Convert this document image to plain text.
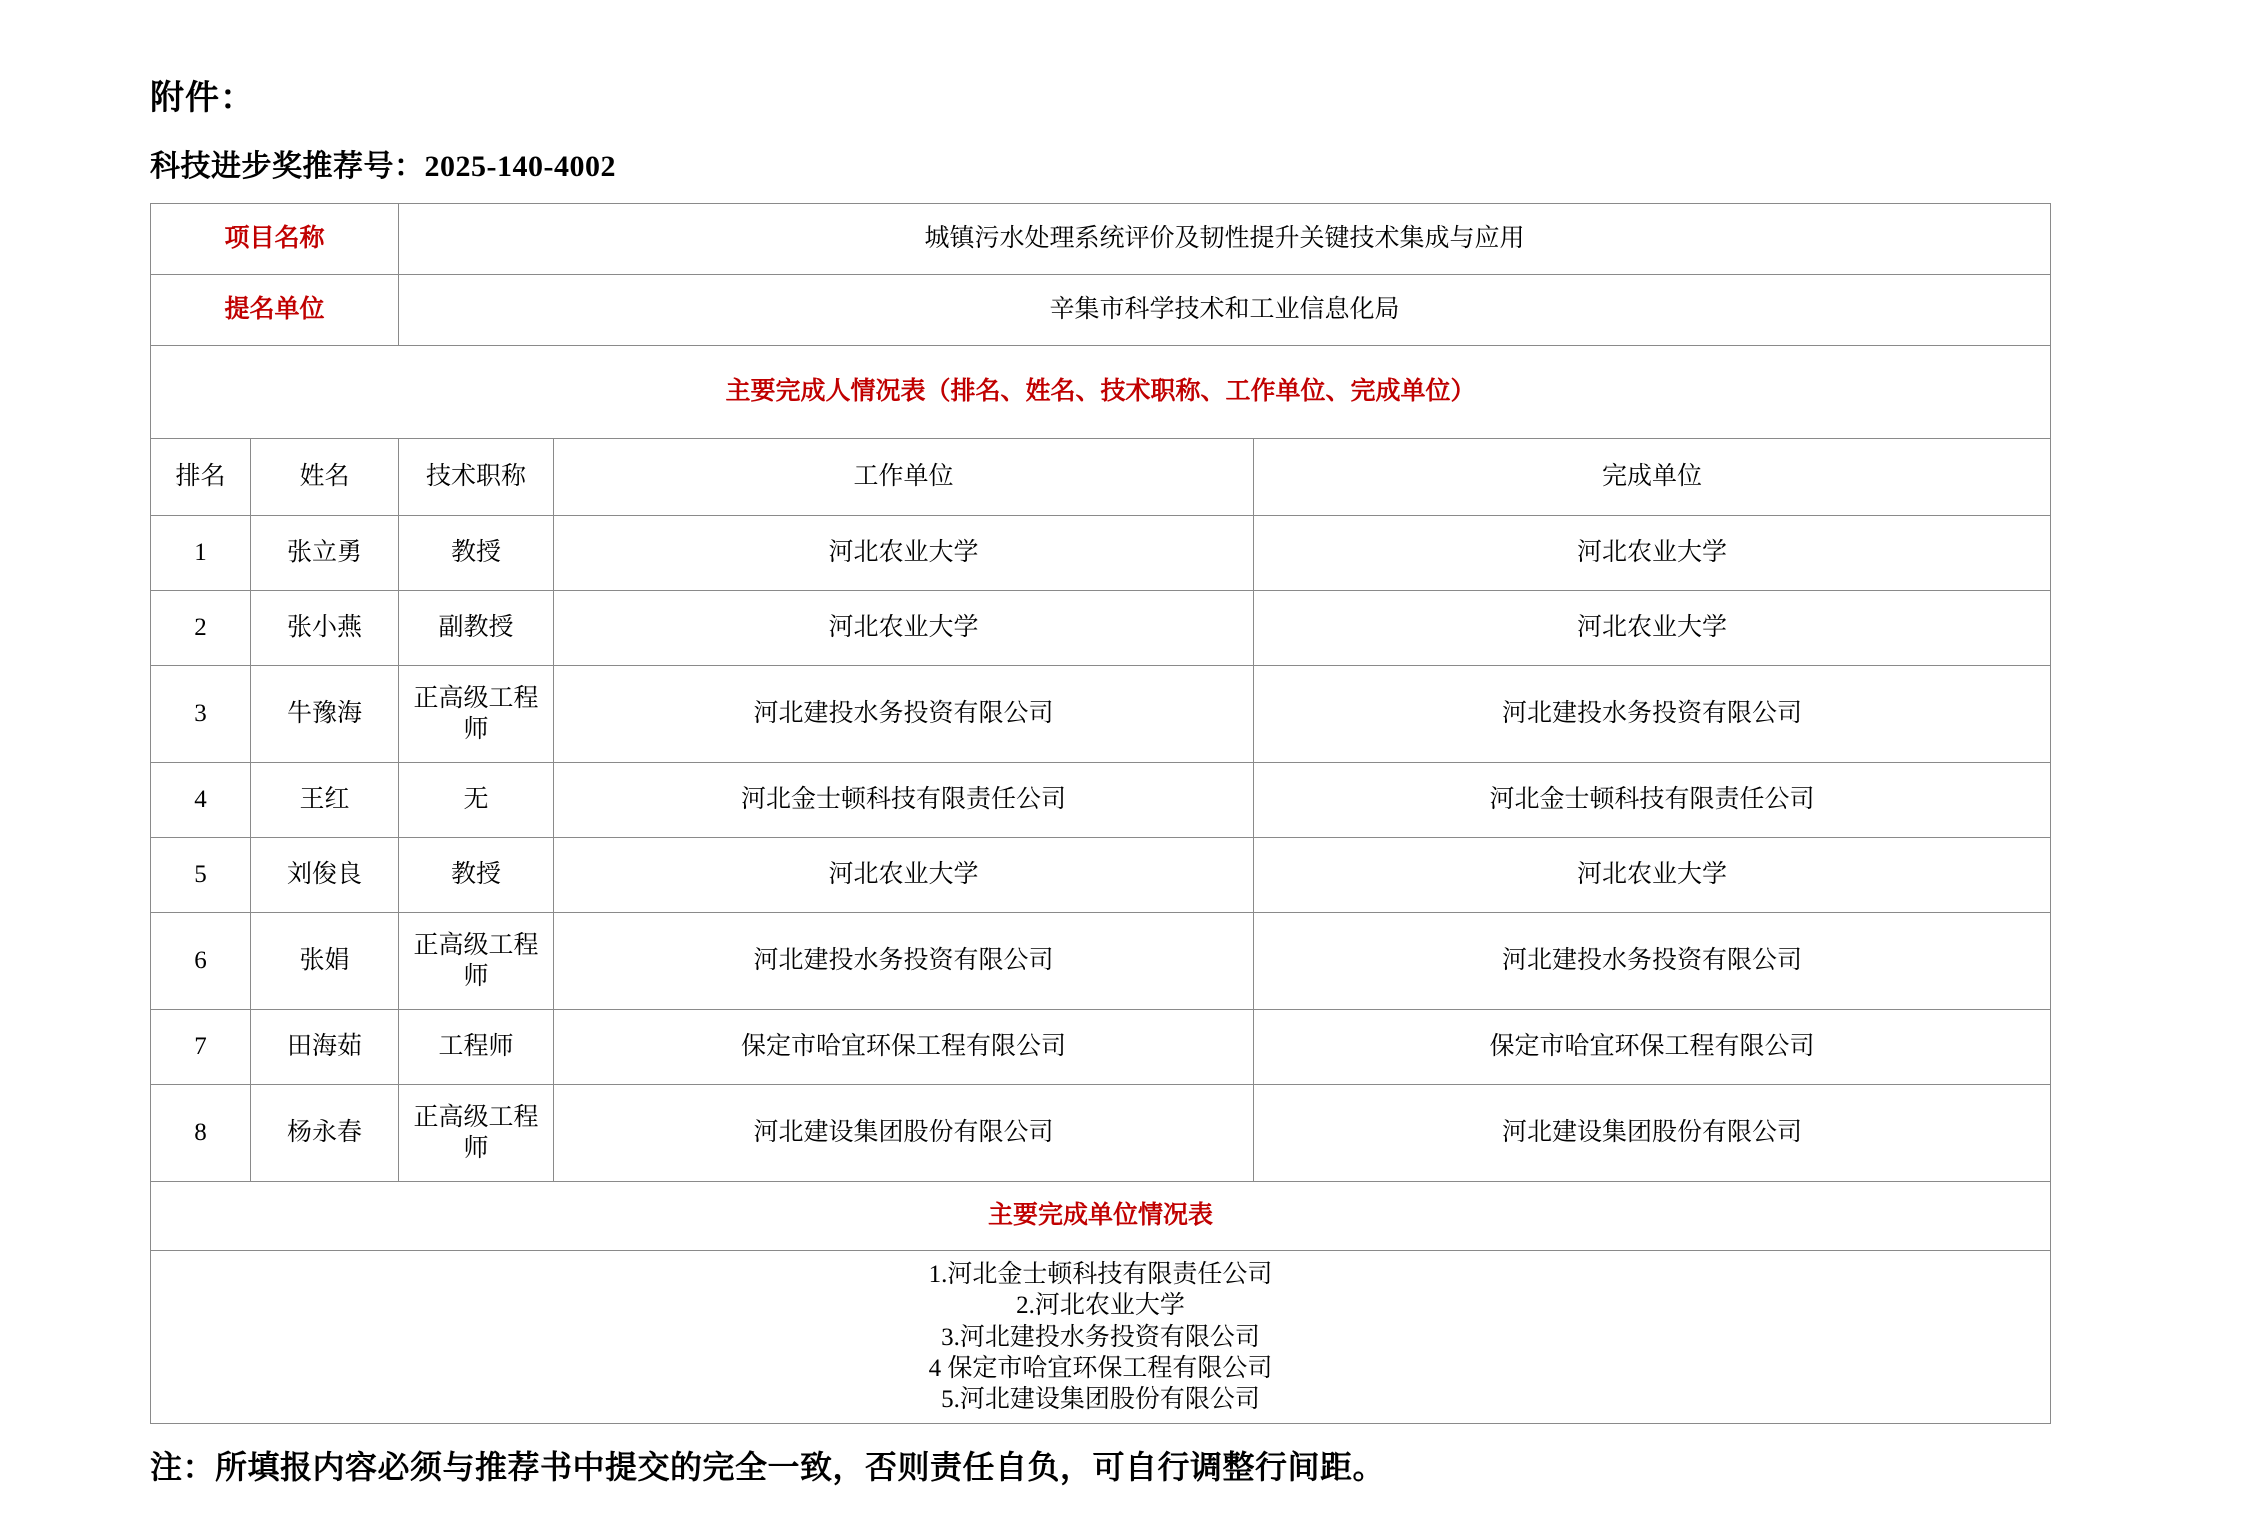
附件：
科技进步奖推荐号：2025-140-4002
项目名称		城镇污水处理系统评价及韧性提升关键技术集成与应用		
提名单位		辛集市科学技术和工业信息化局		
主要完成人情况表（排名、姓名、技术职称、工作单位、完成单位）				
排名	姓名	技术职称	工作单位	完成单位
1	张立勇	教授	河北农业大学	河北农业大学
2	张小燕	副教授	河北农业大学	河北农业大学
3	牛豫海	正高级工程师	河北建投水务投资有限公司	河北建投水务投资有限公司
4	王红	无	河北金士顿科技有限责任公司	河北金士顿科技有限责任公司
5	刘俊良	教授	河北农业大学	河北农业大学
6	张娟	正高级工程师	河北建投水务投资有限公司	河北建投水务投资有限公司
7	田海茹	工程师	保定市哈宜环保工程有限公司	保定市哈宜环保工程有限公司
8	杨永春	正高级工程师	河北建设集团股份有限公司	河北建设集团股份有限公司
主要完成单位情况表				

1.河北金士顿科技有限责任公司
2.河北农业大学
3.河北建投水务投资有限公司
4 保定市哈宜环保工程有限公司
5.河北建设集团股份有限公司				
注：所填报内容必须与推荐书中提交的完全一致，否则责任自负，可自行调整行间距。
